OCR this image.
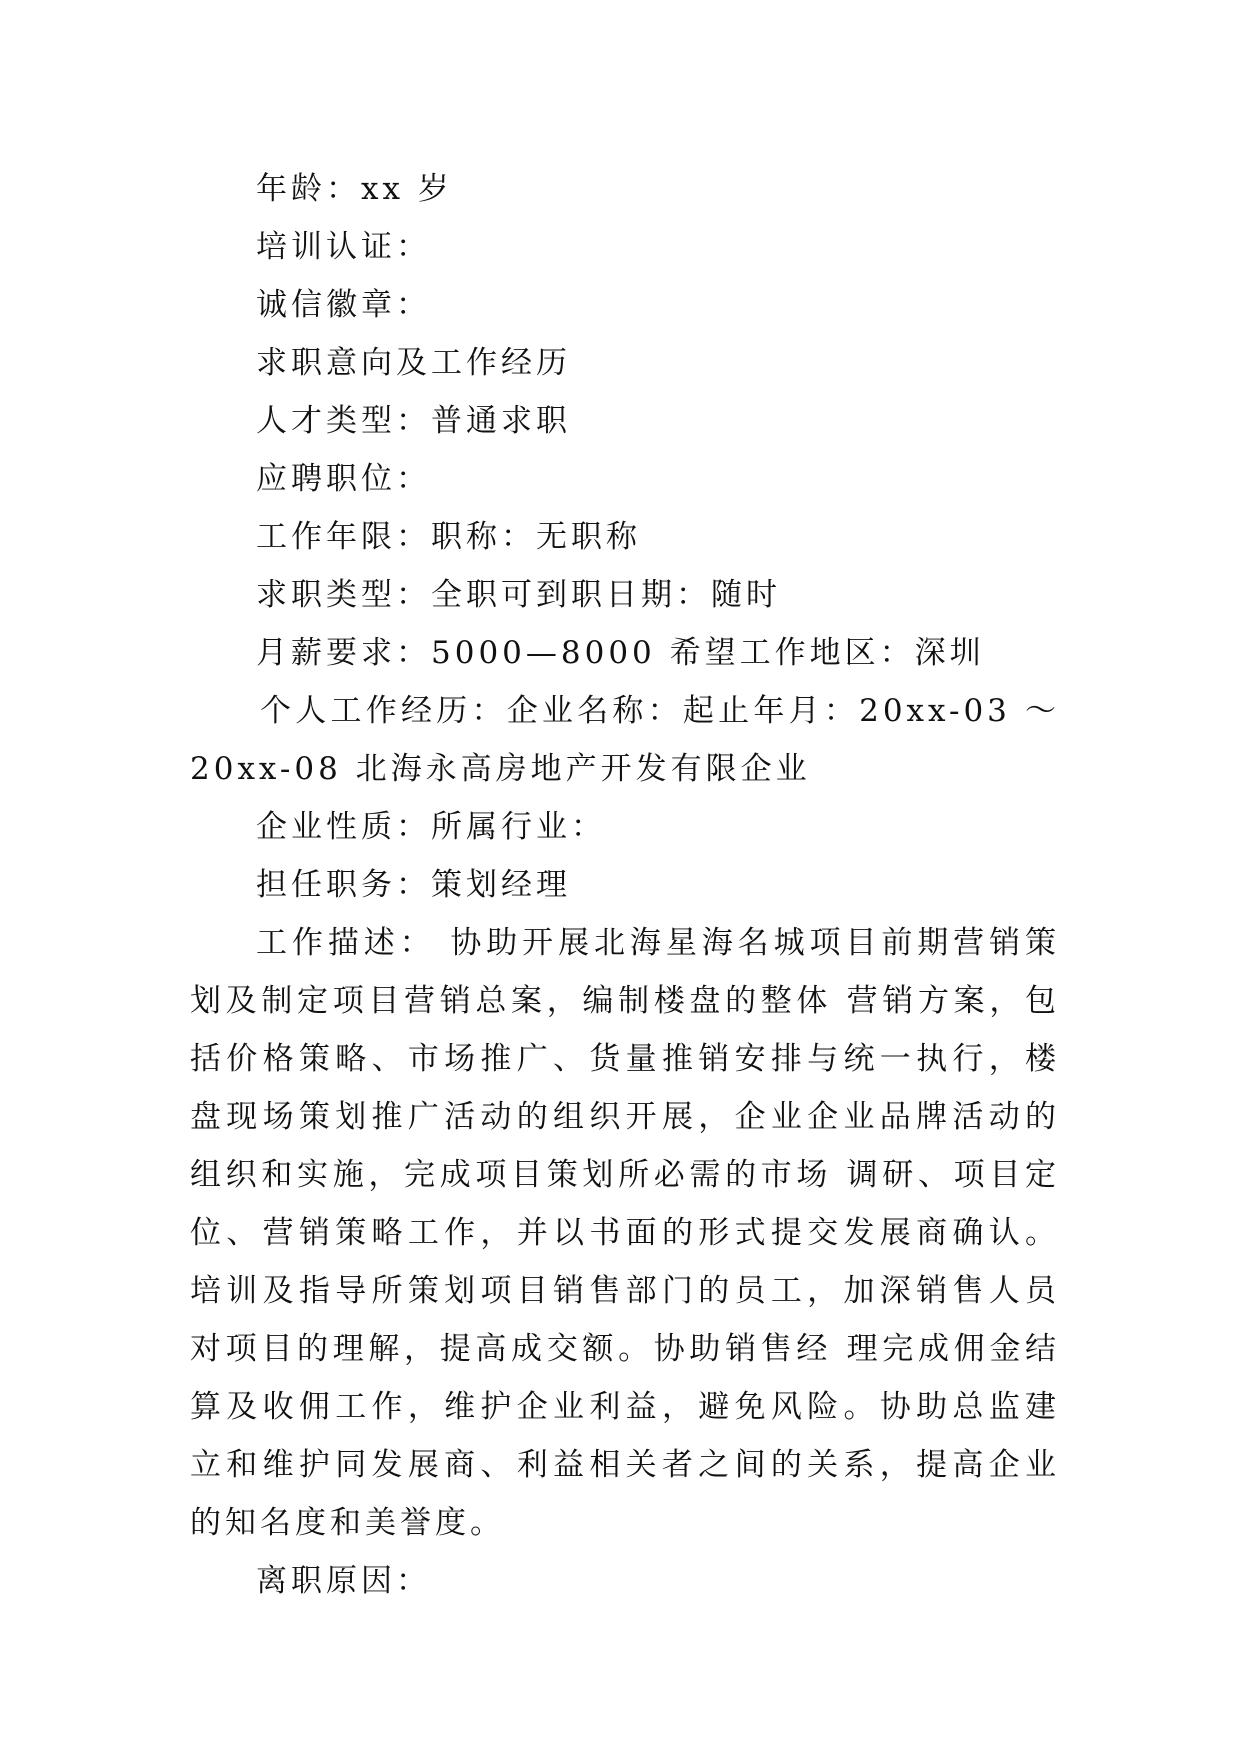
年龄：xx 岁

培训认证：

诚信徽章：

求职意向及工作经历

人才类型：普通求职

应聘职位：

工作年限：职称：无职称

求职类型：全职可到职日期：随时

月薪要求：5000—8000 希望工作地区：深圳

个人工作经历：企业名称：起止年月：20xx-03 ～ 20xx-08 北海永高房地产开发有限企业

企业性质：所属行业：

担任职务：策划经理

工作描述： 协助开展北海星海名城项目前期营销策划及制定项目营销总案，编制楼盘的整体 营销方案，包括价格策略、市场推广、货量推销安排与统一执行，楼盘现场策划推广活动的组织开展，企业企业品牌活动的组织和实施，完成项目策划所必需的市场 调研、项目定位、营销策略工作，并以书面的形式提交发展商确认。培训及指导所策划项目销售部门的员工，加深销售人员对项目的理解，提高成交额。协助销售经 理完成佣金结算及收佣工作，维护企业利益，避免风险。协助总监建立和维护同发展商、利益相关者之间的关系，提高企业的知名度和美誉度。

离职原因：
